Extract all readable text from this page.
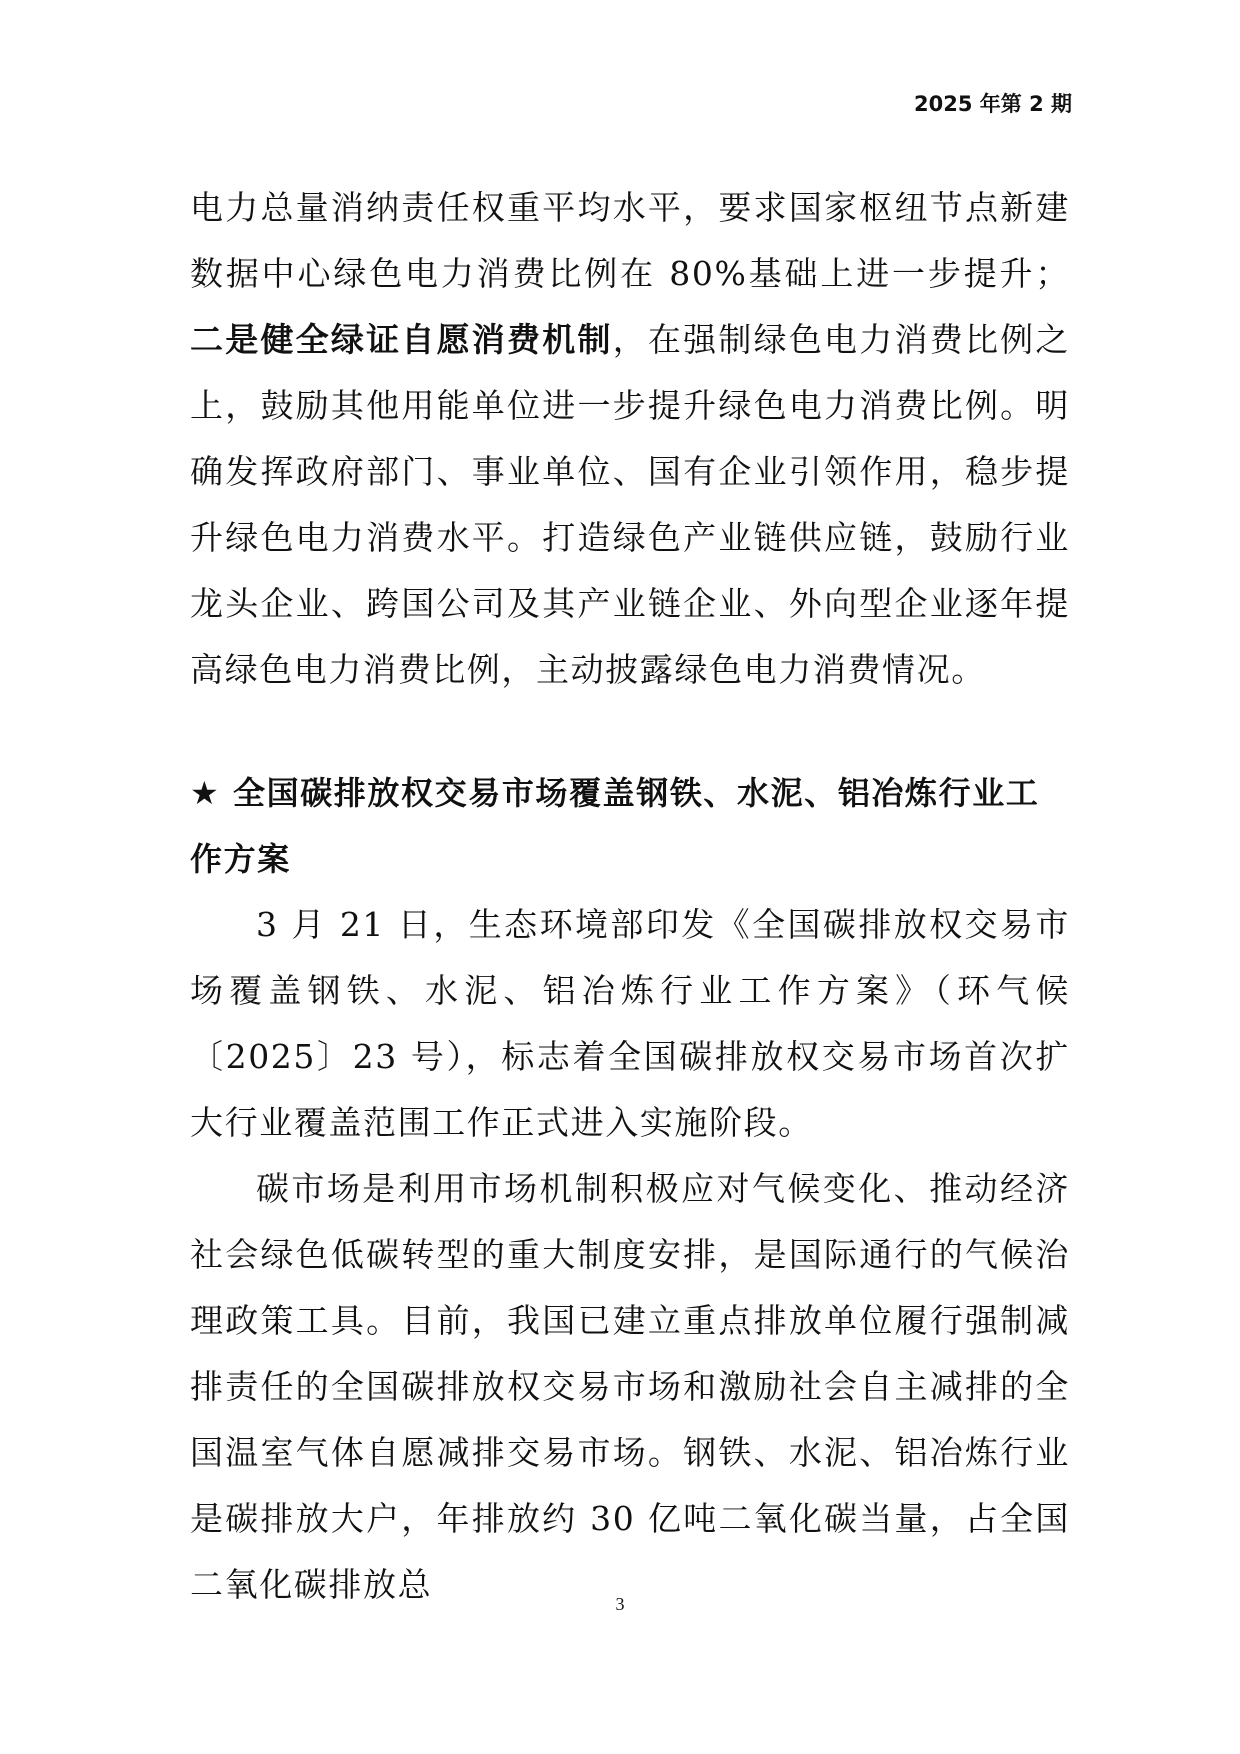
2025 年第 2 期

电力总量消纳责任权重平均水平，要求国家枢纽节点新建数据中心绿色电力消费比例在 80%基础上进一步提升；二是健全绿证自愿消费机制，在强制绿色电力消费比例之上，鼓励其他用能单位进一步提升绿色电力消费比例。明确发挥政府部门、事业单位、国有企业引领作用，稳步提升绿色电力消费水平。打造绿色产业链供应链，鼓励行业龙头企业、跨国公司及其产业链企业、外向型企业逐年提高绿色电力消费比例，主动披露绿色电力消费情况。

★ 全国碳排放权交易市场覆盖钢铁、水泥、铝冶炼行业工作方案

3 月 21 日，生态环境部印发《全国碳排放权交易市场覆盖钢铁、水泥、铝冶炼行业工作方案》（环气候〔2025〕23 号），标志着全国碳排放权交易市场首次扩大行业覆盖范围工作正式进入实施阶段。

碳市场是利用市场机制积极应对气候变化、推动经济社会绿色低碳转型的重大制度安排，是国际通行的气候治理政策工具。目前，我国已建立重点排放单位履行强制减排责任的全国碳排放权交易市场和激励社会自主减排的全国温室气体自愿减排交易市场。钢铁、水泥、铝冶炼行业是碳排放大户，年排放约 30 亿吨二氧化碳当量，占全国二氧化碳排放总	3
